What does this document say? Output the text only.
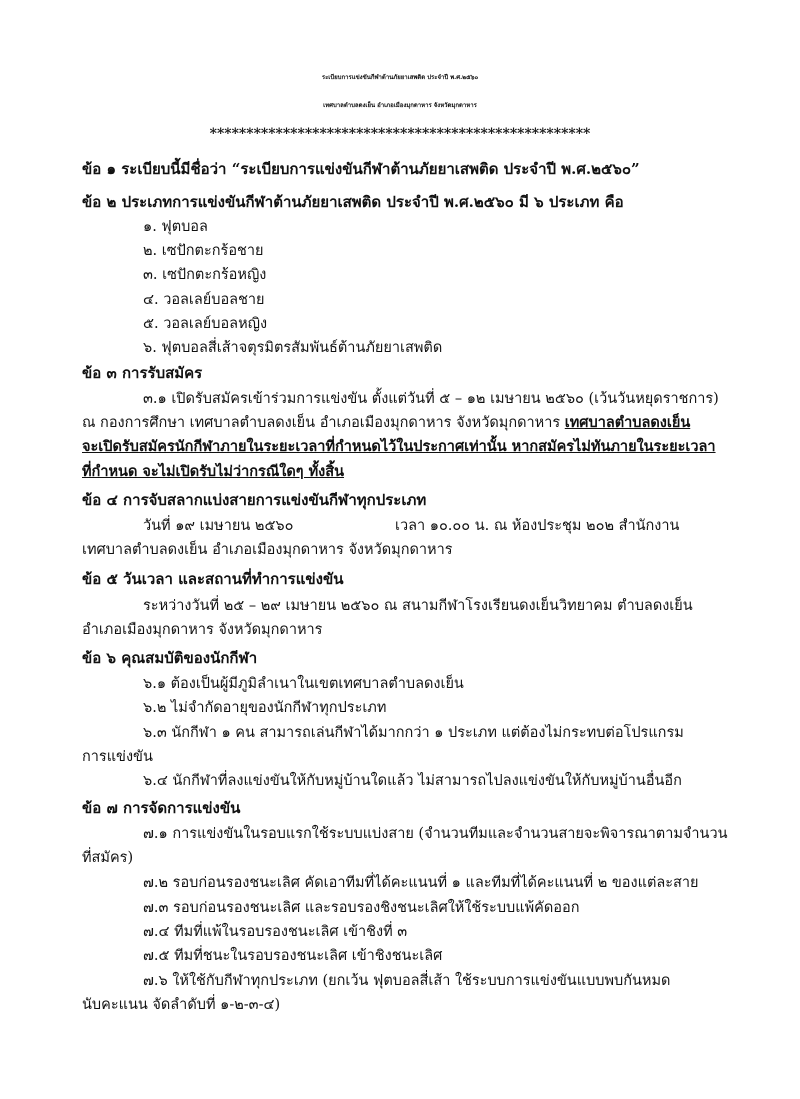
ระเบียบการแข่งขันกีฬาต้านภัยยาเสพติด ประจำปี พ.ศ.๒๕๖๐
เทศบาลตำบลดงเย็น อำเภอเมืองมุกดาหาร จังหวัดมุกดาหาร
****************************************************
ข้อ ๑ ระเบียบนี้มีชื่อว่า “ระเบียบการแข่งขันกีฬาต้านภัยยาเสพติด ประจำปี พ.ศ.๒๕๖๐”
ข้อ ๒ ประเภทการแข่งขันกีฬาต้านภัยยาเสพติด ประจำปี พ.ศ.๒๕๖๐ มี ๖ ประเภท คือ
๑. ฟุตบอล
๒. เซปักตะกร้อชาย
๓. เซปักตะกร้อหญิง
๔. วอลเลย์บอลชาย
๕. วอลเลย์บอลหญิง
๖. ฟุตบอลสี่เส้าจตุรมิตรสัมพันธ์ต้านภัยยาเสพติด
ข้อ ๓ การรับสมัคร
๓.๑ เปิดรับสมัครเข้าร่วมการแข่งขัน ตั้งแต่วันที่ ๕ – ๑๒ เมษายน ๒๕๖๐ (เว้นวันหยุดราชการ)
ณ กองการศึกษา เทศบาลตำบลดงเย็น อำเภอเมืองมุกดาหาร จังหวัดมุกดาหาร เทศบาลตำบลดงเย็น
จะเปิดรับสมัครนักกีฬาภายในระยะเวลาที่กำหนดไว้ในประกาศเท่านั้น หากสมัครไม่ทันภายในระยะเวลา
ที่กำหนด จะไม่เปิดรับไม่ว่ากรณีใดๆ ทั้งสิ้น
ข้อ ๔ การจับสลากแบ่งสายการแข่งขันกีฬาทุกประเภท
วันที่ ๑๙ เมษายน ๒๕๖๐	เวลา ๑๐.๐๐ น. ณ ห้องประชุม ๒๐๒ สำนักงาน
เทศบาลตำบลดงเย็น อำเภอเมืองมุกดาหาร จังหวัดมุกดาหาร
ข้อ ๕ วันเวลา และสถานที่ทำการแข่งขัน
ระหว่างวันที่ ๒๕ – ๒๙ เมษายน ๒๕๖๐ ณ สนามกีฬาโรงเรียนดงเย็นวิทยาคม ตำบลดงเย็น
อำเภอเมืองมุกดาหาร จังหวัดมุกดาหาร
ข้อ ๖ คุณสมบัติของนักกีฬา
๖.๑ ต้องเป็นผู้มีภูมิลำเนาในเขตเทศบาลตำบลดงเย็น
๖.๒ ไม่จำกัดอายุของนักกีฬาทุกประเภท
๖.๓ นักกีฬา ๑ คน สามารถเล่นกีฬาได้มากกว่า ๑ ประเภท แต่ต้องไม่กระทบต่อโปรแกรม
การแข่งขัน
๖.๔ นักกีฬาที่ลงแข่งขันให้กับหมู่บ้านใดแล้ว ไม่สามารถไปลงแข่งขันให้กับหมู่บ้านอื่นอีก
ข้อ ๗ การจัดการแข่งขัน
๗.๑ การแข่งขันในรอบแรกใช้ระบบแบ่งสาย (จำนวนทีมและจำนวนสายจะพิจารณาตามจำนวน
ที่สมัคร)
๗.๒ รอบก่อนรองชนะเลิศ คัดเอาทีมที่ได้คะแนนที่ ๑ และทีมที่ได้คะแนนที่ ๒ ของแต่ละสาย
๗.๓ รอบก่อนรองชนะเลิศ และรอบรองชิงชนะเลิศให้ใช้ระบบแพ้คัดออก
๗.๔ ทีมที่แพ้ในรอบรองชนะเลิศ เข้าชิงที่ ๓
๗.๕ ทีมที่ชนะในรอบรองชนะเลิศ เข้าชิงชนะเลิศ
๗.๖ ให้ใช้กับกีฬาทุกประเภท (ยกเว้น ฟุตบอลสี่เส้า ใช้ระบบการแข่งขันแบบพบกันหมด
นับคะแนน จัดลำดับที่ ๑-๒-๓-๔)
